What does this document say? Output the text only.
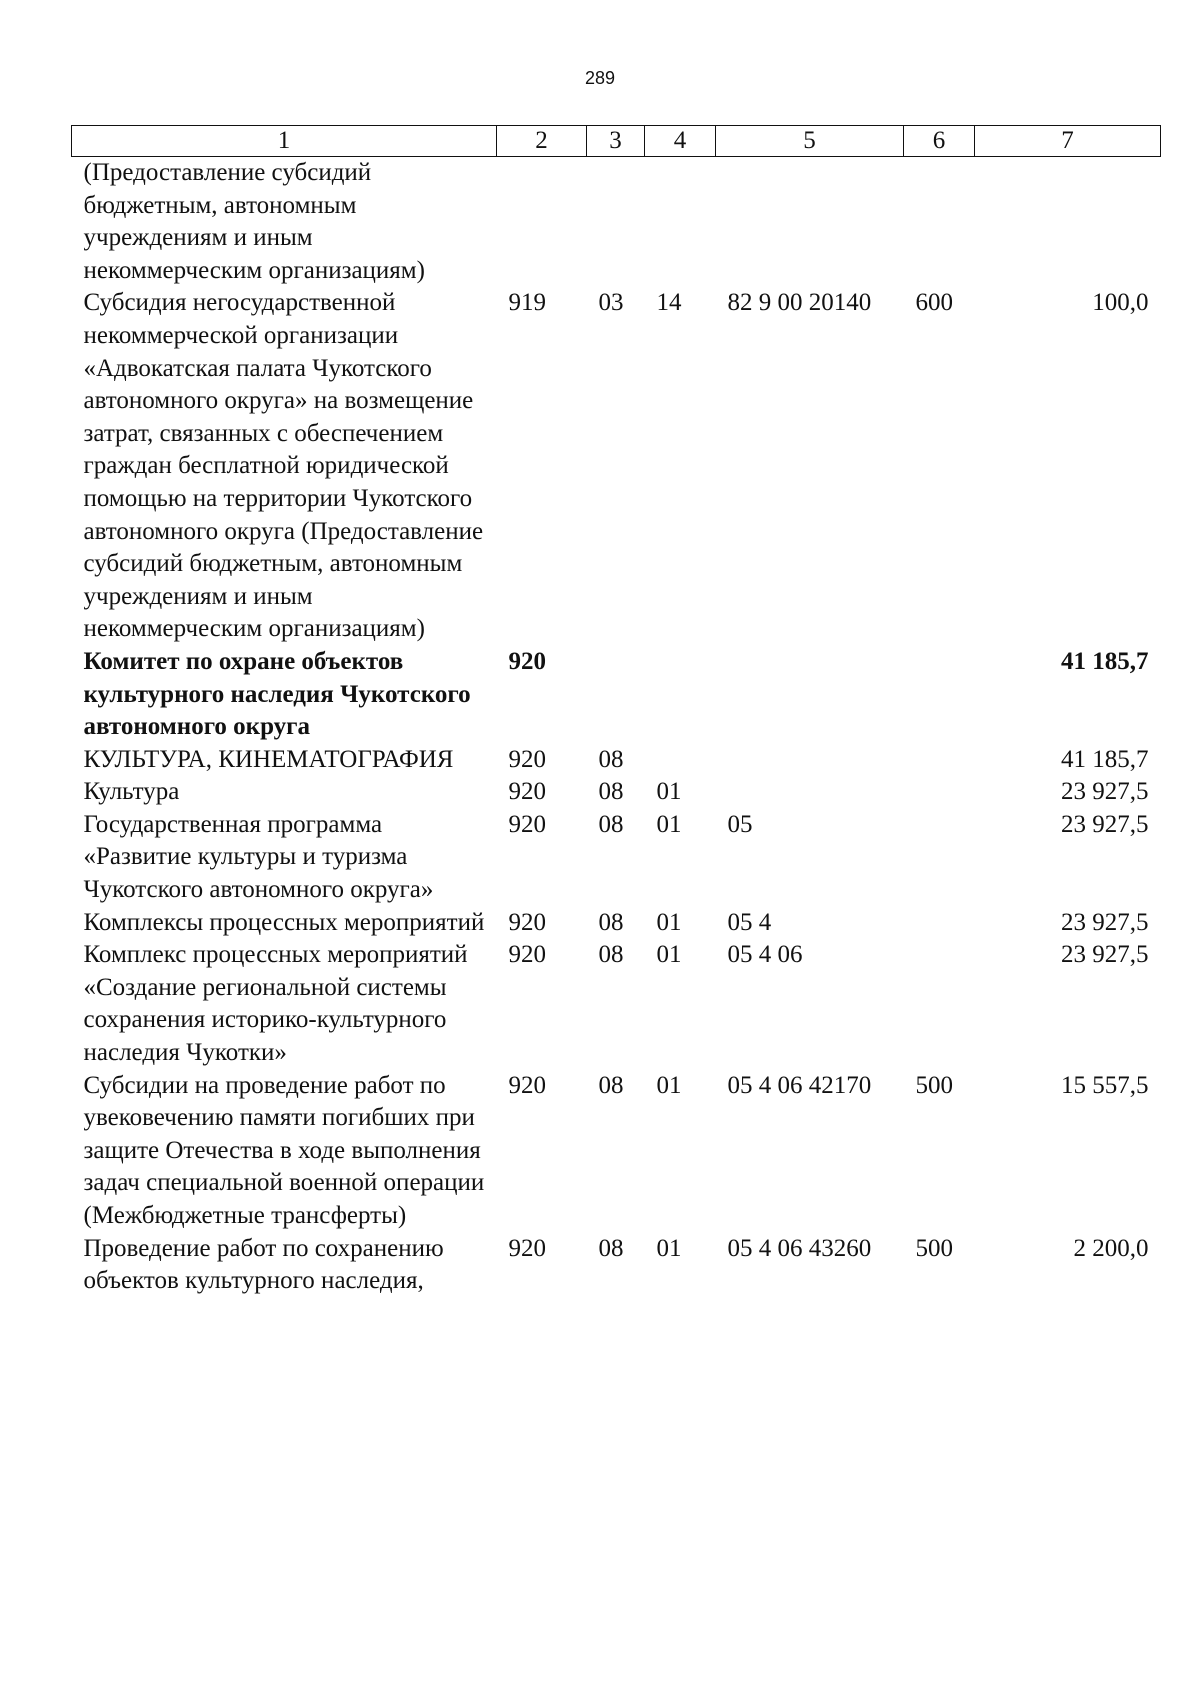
289
1	2	3	4	5	6	7
(Предоставление субсидий бюджетным, автономным учреждениям и иным некоммерческим организациям)						
Субсидия негосударственной некоммерческой организации «Адвокатская палата Чукотского автономного округа» на возмещение затрат, связанных с обеспечением граждан бесплатной юридической помощью на территории Чукотского автономного округа (Предоставление субсидий бюджетным, автономным учреждениям и иным некоммерческим организациям)	919	03	14	82 9 00 20140	600	100,0
Комитет по охране объектов культурного наследия Чукотского автономного округа	920					41 185,7
КУЛЬТУРА, КИНЕМАТОГРАФИЯ	920	08				41 185,7
Культура	920	08	01			23 927,5
Государственная программа «Развитие культуры и туризма Чукотского автономного округа»	920	08	01	05		23 927,5
Комплексы процессных мероприятий	920	08	01	05 4		23 927,5
Комплекс процессных мероприятий «Создание региональной системы сохранения историко-культурного наследия Чукотки»	920	08	01	05 4 06		23 927,5
Субсидии на проведение работ по увековечению памяти погибших при защите Отечества в ходе выполнения задач специальной военной операции (Межбюджетные трансферты)	920	08	01	05 4 06 42170	500	15 557,5
Проведение работ по сохранению объектов культурного наследия,	920	08	01	05 4 06 43260	500	2 200,0
